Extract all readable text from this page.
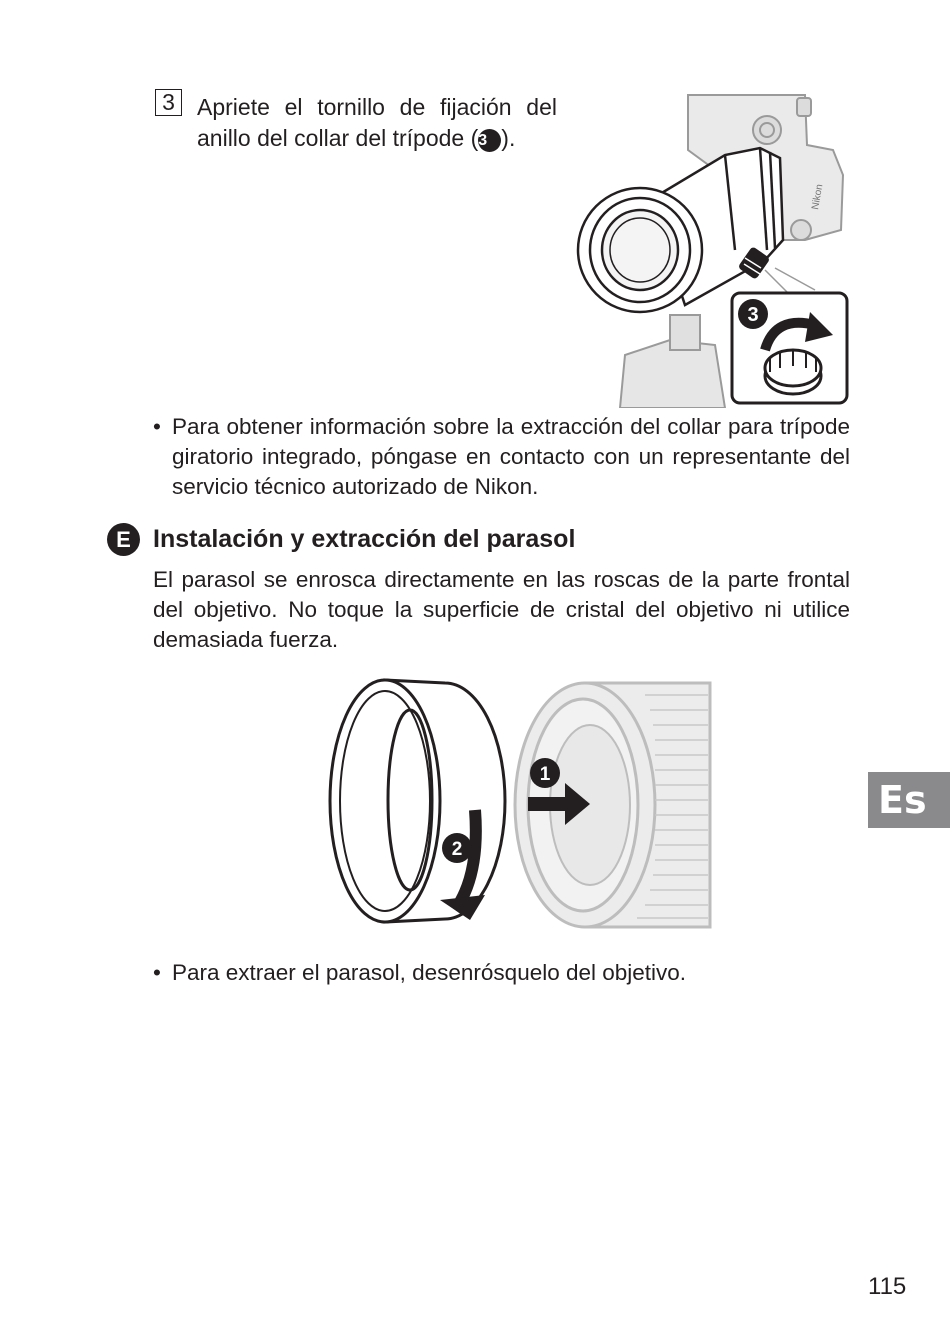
3 Apriete el tornillo de fijación del anillo del collar del trípode (3 ).
Nikon
3
• Para obtener información sobre la extracción del collar para trípode giratorio integrado, póngase en contacto con un representante del servicio técnico autorizado de Nikon.
E Instalación y extracción del parasol
El parasol se enrosca directamente en las roscas de la parte frontal del objetivo. No toque la superficie de cristal del objetivo ni utilice demasiada fuerza.
2
1
• Para extraer el parasol, desenrósquelo del objetivo.
Es
115
